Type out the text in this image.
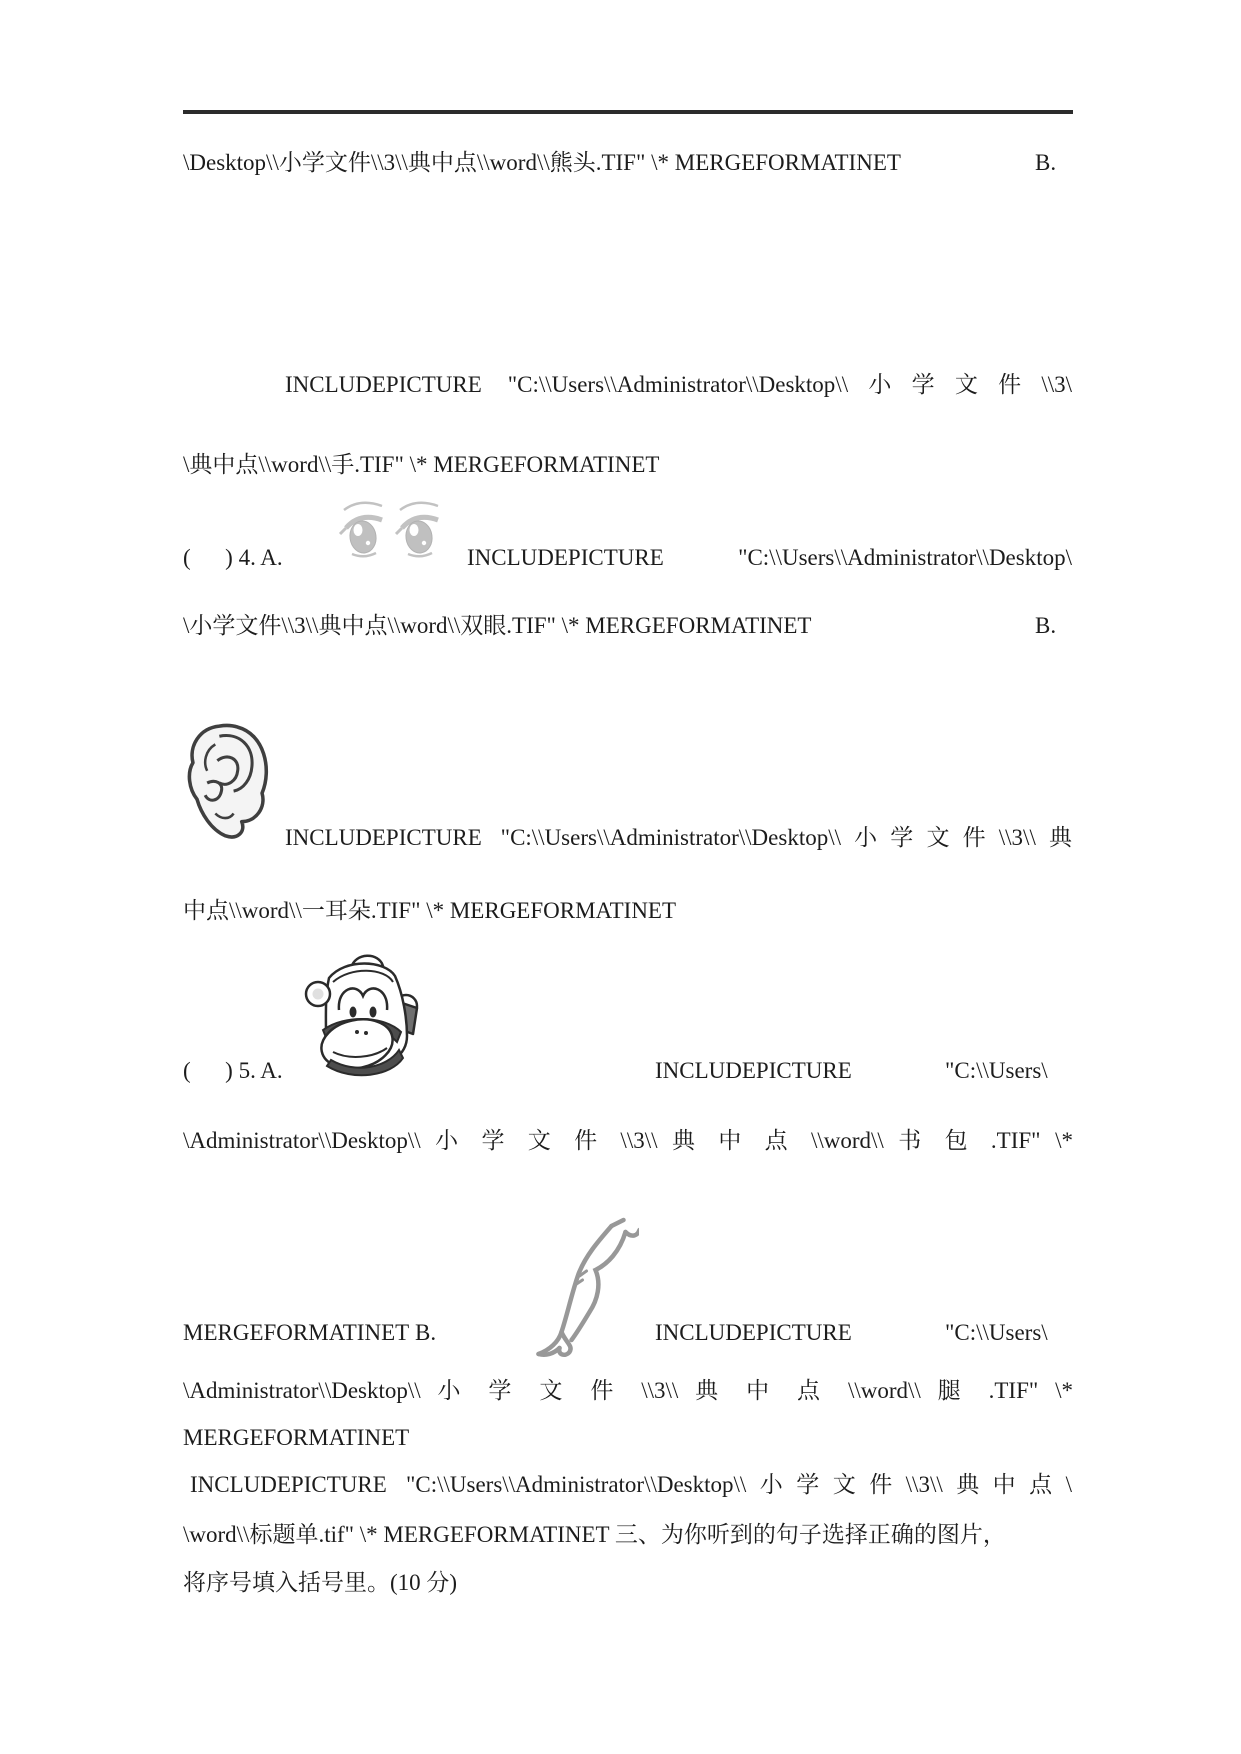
\Desktop\\小学文件\\3\\典中点\\word\\熊头.TIF" \* MERGEFORMATINET	B.
INCLUDEPICTURE "C:\\Users\\Administrator\\Desktop\\小学文件\\3\
\典中点\\word\\手.TIF" \* MERGEFORMATINET
(      ) 4. A.	INCLUDEPICTURE "C:\\Users\\Administrator\\Desktop\
\小学文件\\3\\典中点\\word\\双眼.TIF" \* MERGEFORMATINET	B.
INCLUDEPICTURE "C:\\Users\\Administrator\\Desktop\\小学文件\\3\\典
中点\\word\\一耳朵.TIF" \* MERGEFORMATINET
(      ) 5. A.	INCLUDEPICTURE	"C:\\Users\
\Administrator\\Desktop\\ 小 学 文 件 \\3\\ 典 中 点 \\word\\ 书 包 .TIF" \*
MERGEFORMATINET B.	INCLUDEPICTURE	"C:\\Users\
\Administrator\\Desktop\\ 小 学 文 件 \\3\\ 典 中 点 \\word\\ 腿 .TIF" \*
MERGEFORMATINET
INCLUDEPICTURE "C:\\Users\\Administrator\\Desktop\\小学文件\\3\\典中点\
\word\\标题单.tif" \* MERGEFORMATINET 三、为你听到的句子选择正确的图片，
将序号填入括号里。(10 分)
